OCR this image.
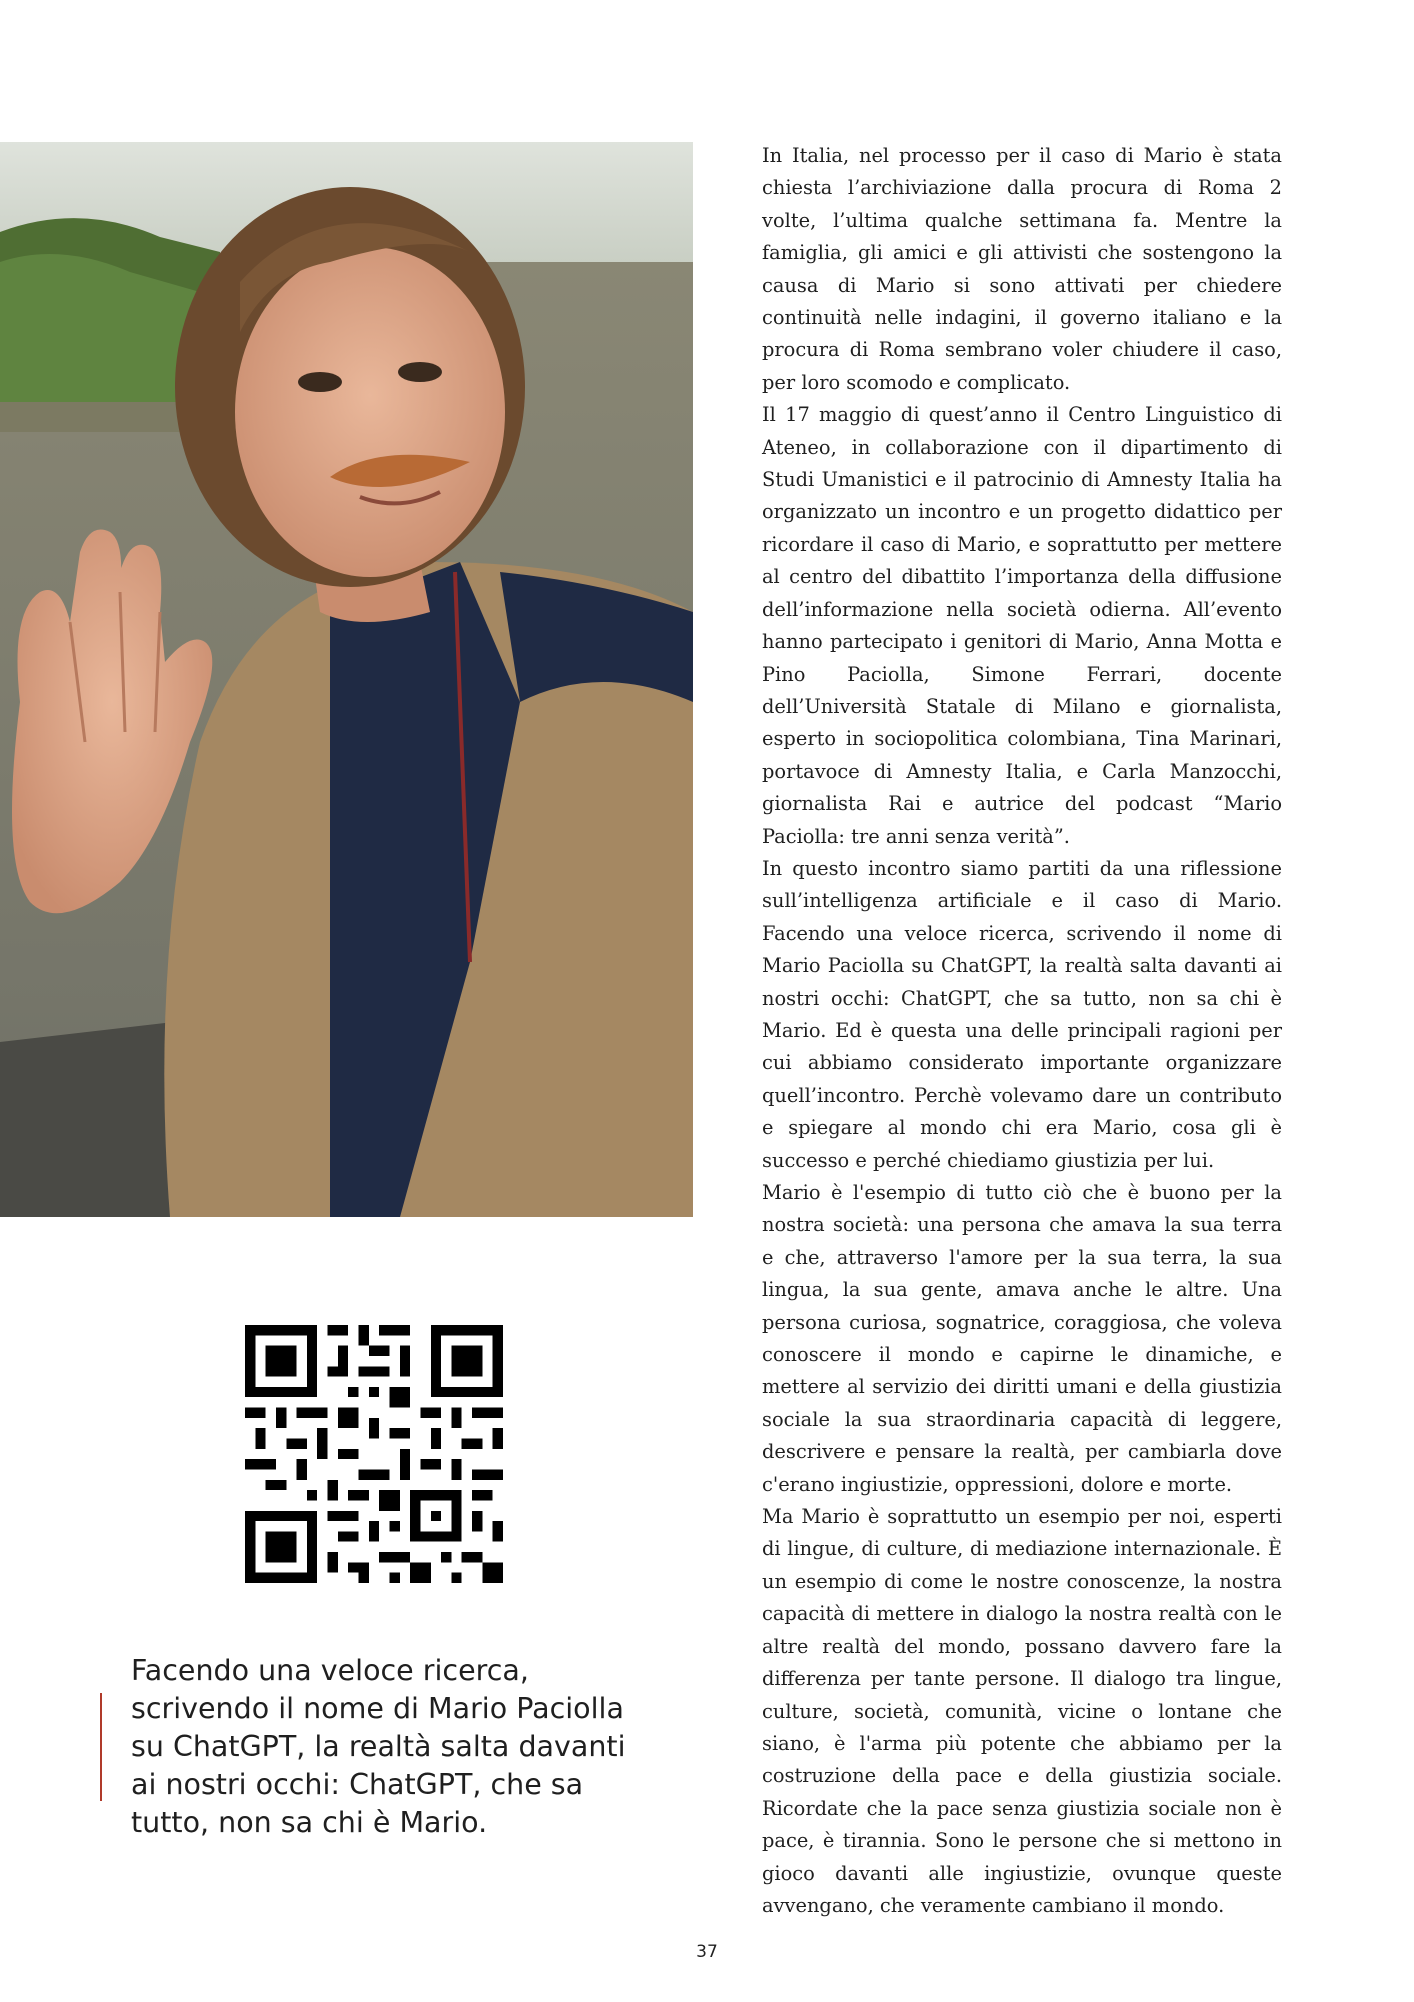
Facendo una veloce ricerca, scrivendo il nome di Mario Paciolla su ChatGPT, la realtà salta davanti ai nostri occhi: ChatGPT, che sa tutto, non sa chi è Mario.

In Italia, nel processo per il caso di Mario è stata chiesta l’archiviazione dalla procura di Roma 2 volte, l’ultima qualche settimana fa. Mentre la famiglia, gli amici e gli attivisti che sostengono la causa di Mario si sono attivati per chiedere continuità nelle indagini, il governo italiano e la procura di Roma sembrano voler chiudere il caso, per loro scomodo e complicato.

Il 17 maggio di quest’anno il Centro Linguistico di Ateneo, in collaborazione con il dipartimento di Studi Umanistici e il patrocinio di Amnesty Italia ha organizzato un incontro e un progetto didattico per ricordare il caso di Mario, e soprattutto per mettere al centro del dibattito l’importanza della diffusione dell’informazione nella società odierna. All’evento hanno partecipato i genitori di Mario, Anna Motta e Pino Paciolla, Simone Ferrari, docente dell’Università Statale di Milano e giornalista, esperto in sociopolitica colombiana, Tina Marinari, portavoce di Amnesty Italia, e Carla Manzocchi, giornalista Rai e autrice del podcast “Mario Paciolla: tre anni senza verità”.

In questo incontro siamo partiti da una riflessione sull’intelligenza artificiale e il caso di Mario. Facendo una veloce ricerca, scrivendo il nome di Mario Paciolla su ChatGPT, la realtà salta davanti ai nostri occhi: ChatGPT, che sa tutto, non sa chi è Mario. Ed è questa una delle principali ragioni per cui abbiamo considerato importante organizzare quell’incontro. Perchè volevamo dare un contributo e spiegare al mondo chi era Mario, cosa gli è successo e perché chiediamo giustizia per lui.

Mario è l'esempio di tutto ciò che è buono per la nostra società: una persona che amava la sua terra e che, attraverso l'amore per la sua terra, la sua lingua, la sua gente, amava anche le altre. Una persona curiosa, sognatrice, coraggiosa, che voleva conoscere il mondo e capirne le dinamiche, e mettere al servizio dei diritti umani e della giustizia sociale la sua straordinaria capacità di leggere, descrivere e pensare la realtà, per cambiarla dove c'erano ingiustizie, oppressioni, dolore e morte.

Ma Mario è soprattutto un esempio per noi, esperti di lingue, di culture, di mediazione internazionale. È un esempio di come le nostre conoscenze, la nostra capacità di mettere in dialogo la nostra realtà con le altre realtà del mondo, possano davvero fare la differenza per tante persone. Il dialogo tra lingue, culture, società, comunità, vicine o lontane che siano, è l'arma più potente che abbiamo per la costruzione della pace e della giustizia sociale. Ricordate che la pace senza giustizia sociale non è pace, è tirannia. Sono le persone che si mettono in gioco davanti alle ingiustizie, ovunque queste avvengano, che veramente cambiano il mondo.

37
